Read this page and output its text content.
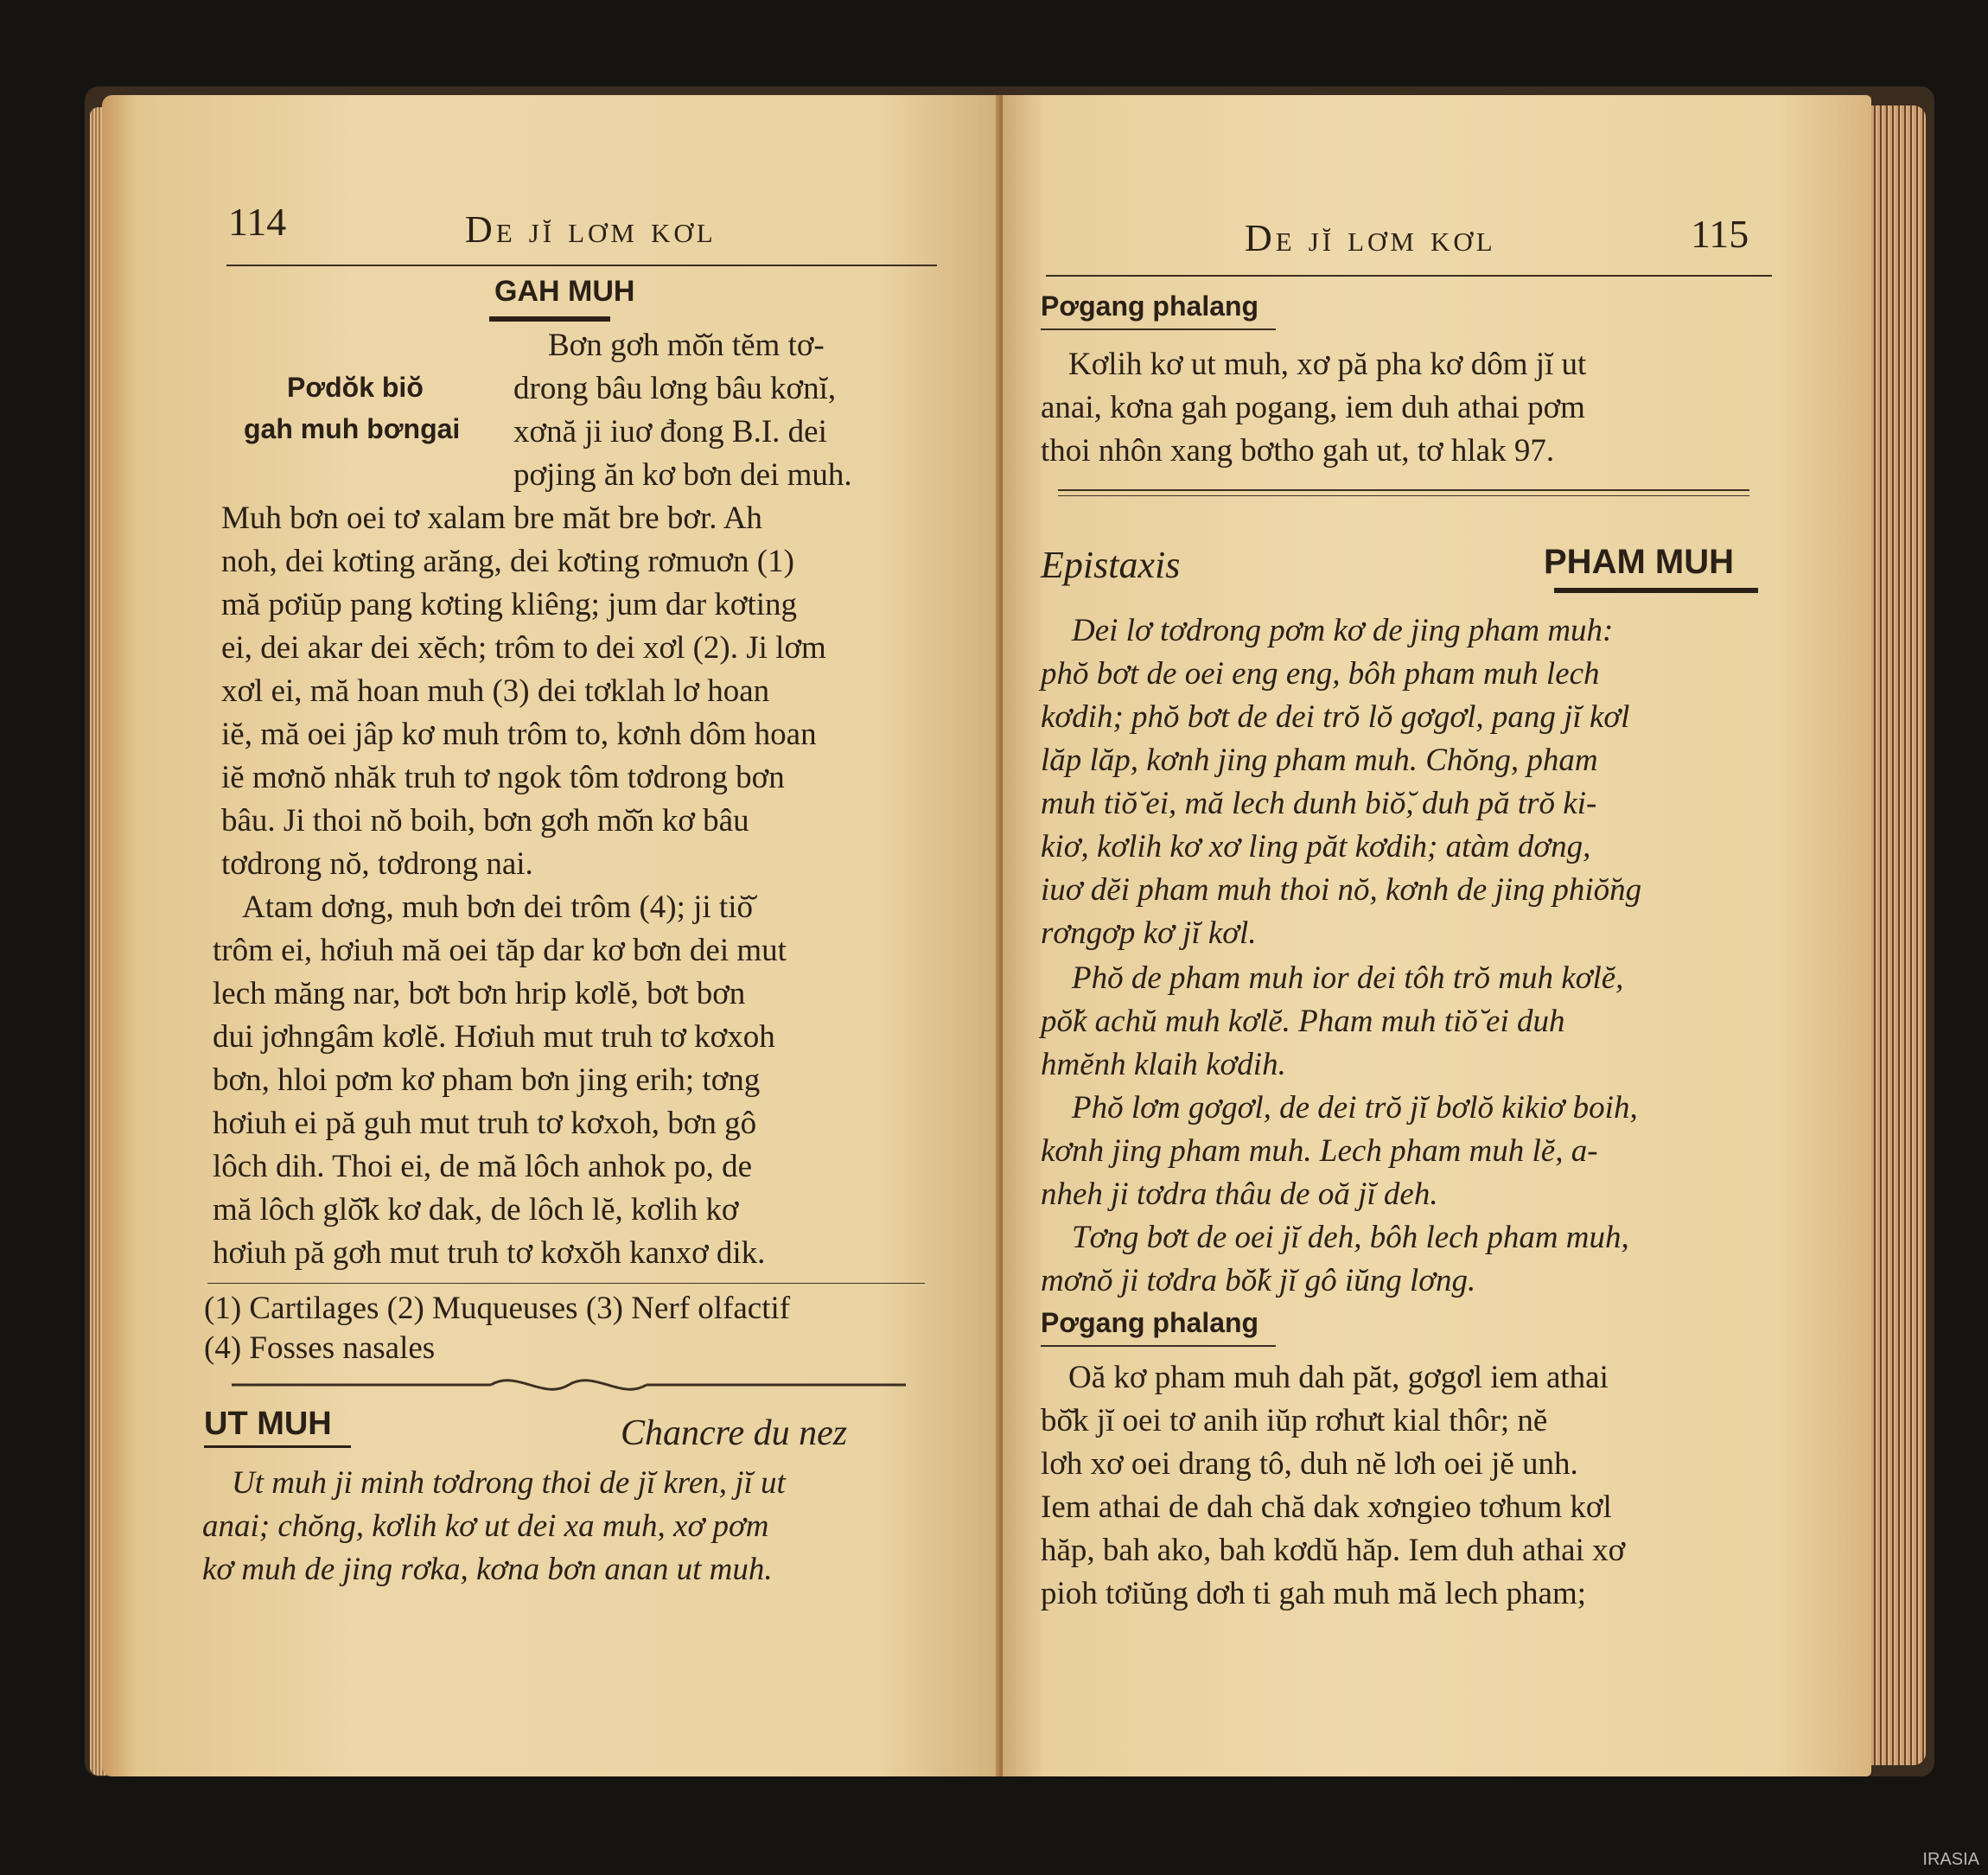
114	De jĭ lơm kơl
GAH MUH
Pơdŏ̆k biŏ̆
gah muh bơngai
Bơn gơh mŏ̆n tĕm tơ-
drong bâu lơng bâu kơnĭ,
xơnă ji iuơ đong B.I. dei
pơjing ăn kơ bơn dei muh.
Muh bơn oei tơ xalam bre măt bre bơr. Ah
noh, dei kơting arăng, dei kơting rơmuơn (1)
mă pơiŭp pang kơting kliêng; jum dar kơting
ei, dei akar dei xĕch; trôm to dei xơl (2). Ji lơm
xơl ei, mă hoan muh (3) dei tơklah lơ hoan
iĕ, mă oei jâp kơ muh trôm to, kơnh dôm hoan
iĕ mơnŏ nhăk truh tơ ngok tôm tơdrong bơn
bâu. Ji thoi nŏ boih, bơn gơh mŏ̆n kơ bâu
tơdrong nŏ, tơdrong nai.
Atam dơng, muh bơn dei trôm (4); ji tiŏ̆
trôm ei, hơiuh mă oei tăp dar kơ bơn dei mut
lech măng nar, bơt bơn hrip kơlĕ, bơt bơn
dui jơhngâm kơlĕ. Hơiuh mut truh tơ kơxoh
bơn, hloi pơm kơ pham bơn jing erih; tơng
hơiuh ei pă guh mut truh tơ kơxoh, bơn gô
lôch dih. Thoi ei, de mă lôch anhok po, de
mă lôch glŏ̆k kơ dak, de lôch lĕ, kơlih kơ
hơiuh pă gơh mut truh tơ kơxŏh kanxơ dik.
(1) Cartilages (2) Muqueuses (3) Nerf olfactif
(4) Fosses nasales
UT MUH	Chancre du nez
Ut muh ji minh tơdrong thoi de jĭ kren, jĭ ut
anai; chŏng, kơlih kơ ut dei xa muh, xơ pơm
kơ muh de jing rơka, kơna bơn anan ut muh.
De jĭ lơm kơl	115
Pơgang phalang
Kơlih kơ ut muh, xơ pă pha kơ dôm jĭ ut
anai, kơna gah pogang, iem duh athai pơm
thoi nhôn xang bơtho gah ut, tơ hlak 97.
Epistaxis	PHAM MUH
Dei lơ tơdrong pơm kơ de jing pham muh:
phŏ bơt de oei eng eng, bôh pham muh lech
kơdih; phŏ bơt de dei trŏ lŏ gơgơl, pang jĭ kơl
lăp lăp, kơnh jing pham muh. Chŏng, pham
muh tiŏ̆ ei, mă lech dunh biŏ̆, duh pă trŏ ki-
kiơ, kơlih kơ xơ ling păt kơdih; atàm dơng,
iuơ dĕi pham muh thoi nŏ, kơnh de jing phiŏ̆ng
rơngơp kơ jĭ kơl.
Phŏ de pham muh ior dei tôh trŏ muh kơlĕ,
pŏ̆k achŭ muh kơlĕ. Pham muh tiŏ̆ ei duh
hmĕnh klaih kơdih.
Phŏ lơm gơgơl, de dei trŏ jĭ bơlŏ kikiơ boih,
kơnh jing pham muh. Lech pham muh lĕ, a-
nheh ji tơdra thâu de oă jĭ deh.
Tơng bơt de oei jĭ deh, bôh lech pham muh,
mơnŏ ji tơdra bŏ̆k jĭ gô iŭng lơng.
Pơgang phalang
Oă kơ pham muh dah păt, gơgơl iem athai
bŏ̆k jĭ oei tơ anih iŭp rơhưt kial thôr; nĕ
lơh xơ oei drang tô, duh nĕ lơh oei jĕ unh.
Iem athai de dah chă dak xơngieo tơhum kơl
hăp, bah ako, bah kơdŭ hăp. Iem duh athai xơ
pioh tơiŭng dơh ti gah muh mă lech pham;
IRASIA
